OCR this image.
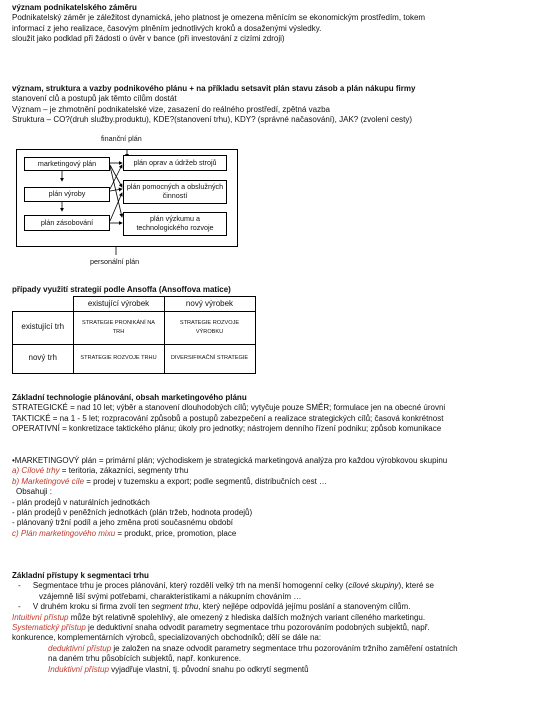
význam podnikatelského záměru
Podnikatelský záměr je záležitost dynamická, jeho platnost je omezena měnícím se ekonomickým prostředím, tokem
informací z jeho realizace, časovým plněním jednotlivých kroků a dosaženými výsledky.
sloužit jako podklad při žádosti o úvěr v bance (při investování z cizími zdroji)
význam, struktura a vazby podnikového plánu + na příkladu setsavit plán stavu zásob a plán nákupu firmy
stanovení clů a postupů jak těmto cílům dostát
Význam – je zhmotnění podnikatelské vize, zasazení do reálného prostředí, zpětná vazba
Struktura – CO?(druh služby.produktu), KDE?(stanovení trhu), KDY? (správné načasování), JAK? (zvolení cesty)
finanční plán
marketingový plán
plán výroby
plán zásobování
plán oprav a údržeb strojů
plán pomocných a obslužných činností
plán výzkumu a technologického rozvoje
personální plán
případy využití strategií podle Ansoffa (Ansoffova matice)
	existující výrobek	nový výrobek
existující trh	STRATEGIE PRONIKÁNÍ NA TRH	STRATEGIE ROZVOJE VÝROBKU
nový trh	STRATEGIE ROZVOJE TRHU	DIVERSIFIKAČNÍ STRATEGIE
Základní technologie plánování, obsah marketingového plánu
STRATEGICKÉ = nad 10 let; výběr a stanovení dlouhodobých cílů; vytyčuje pouze SMĚR; formulace jen na obecné úrovni
TAKTICKÉ = na 1 - 5 let; rozpracování způsobů a postupů zabezpečení a realizace strategických cílů; časová konkrétnost
OPERATIVNÍ = konkretizace taktického plánu; úkoly pro jednotky; nástrojem denního řízení podniku; způsob komunikace
•MARKETINGOVÝ plán = primární plán; východiskem je strategická marketingová analýza pro každou výrobkovou skupinu
a) Cílové trhy = teritoria, zákazníci, segmenty trhu
b) Marketingové cíle = prodej v tuzemsku a export; podle segmentů, distribučních cest …
Obsahuji :
- plán prodejů v naturálních jednotkách
- plán prodejů v peněžních jednotkách (plán tržeb, hodnota prodejů)
- plánovaný tržní podíl a jeho změna proti současnému období
c) Plán marketingového mixu = produkt, price, promotion, place
Základní přístupy k segmentaci trhu
- Segmentace trhu je proces plánování, který rozdělí velký trh na menší homogenní celky (cílové skupiny), které se
vzájemně liší svými potřebami, charakteristikami a nákupním chováním …
- V druhém kroku si firma zvolí ten segment trhu, který nejlépe odpovídá jejímu poslání a stanoveným cílům.
Intuitivní přístup může být relativně spolehlivý, ale omezený z hlediska dalších možných variant cíleného marketingu.
Systematický přístup je deduktivní snaha odvodit parametry segmentace trhu pozorováním podobných subjektů, např.
konkurence, komplementárních výrobců, specializovaných obchodníků; dělí se dále na:
deduktivní přístup je založen na snaze odvodit parametry segmentace trhu pozorováním tržního zaměření ostatních
na daném trhu působících subjektů, např. konkurence.
Induktivní přístup vyjadřuje vlastní, tj. původní snahu po odkrytí segmentů
